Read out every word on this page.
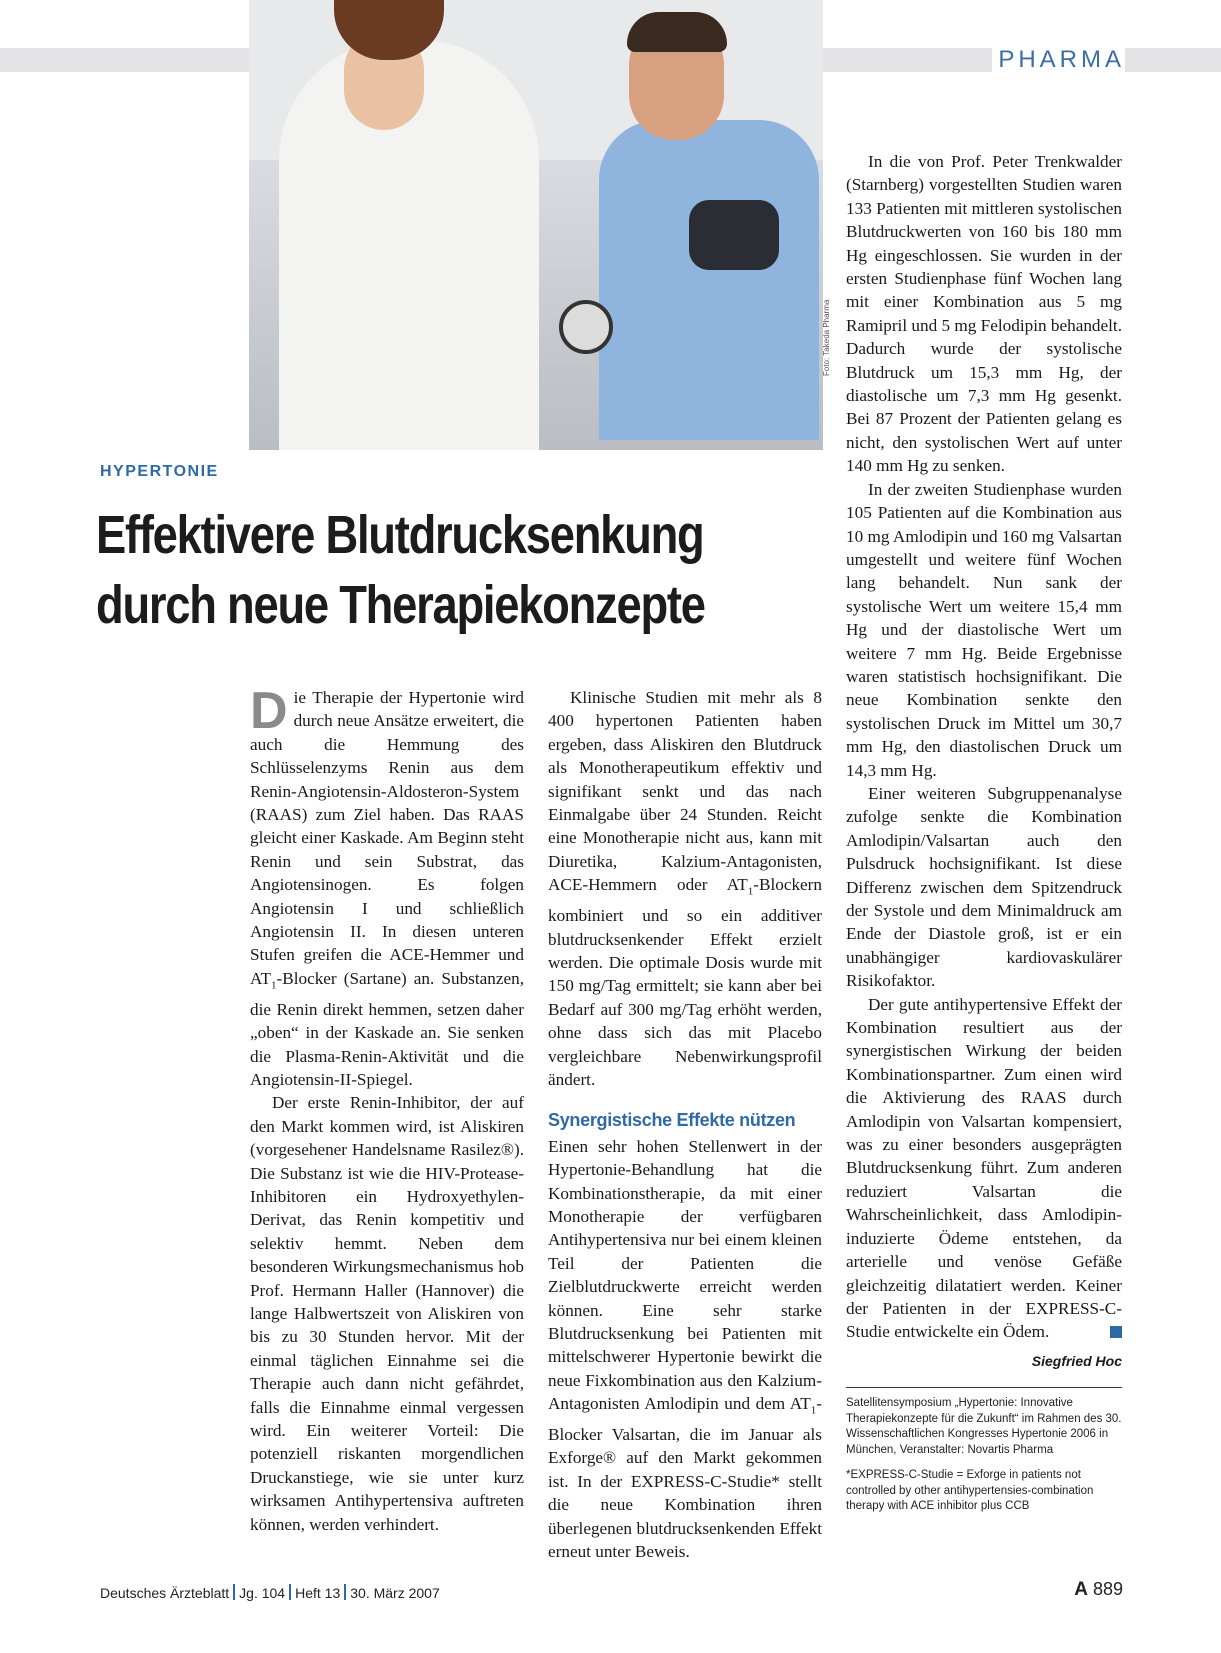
PHARMA
Foto: Takeda Pharma
HYPERTONIE
Effektivere Blutdrucksenkung durch neue Therapiekonzepte

Die Therapie der Hypertonie wird durch neue Ansätze erweitert, die auch die Hemmung des Schlüsselenzyms Renin aus dem Renin-Angiotensin-Aldosteron-System (RAAS) zum Ziel haben. Das RAAS gleicht einer Kaskade. Am Beginn steht Renin und sein Substrat, das Angiotensinogen. Es folgen Angiotensin I und schließlich Angiotensin II. In diesen unteren Stufen greifen die ACE-Hemmer und $AT_1$-Blocker (Sartane) an. Substanzen, die Renin direkt hemmen, setzen daher „oben“ in der Kaskade an. Sie senken die Plasma-Renin-Aktivität und die Angiotensin-II-Spiegel.

Der erste Renin-Inhibitor, der auf den Markt kommen wird, ist Aliskiren (vorgesehener Handelsname Rasilez®). Die Substanz ist wie die HIV-Protease-Inhibitoren ein Hydroxyethylen-Derivat, das Renin kompetitiv und selektiv hemmt. Neben dem besonderen Wirkungsmechanismus hob Prof. Hermann Haller (Hannover) die lange Halbwertszeit von Aliskiren von bis zu 30 Stunden hervor. Mit der einmal täglichen Einnahme sei die Therapie auch dann nicht gefährdet, falls die Einnahme einmal vergessen wird. Ein weiterer Vorteil: Die potenziell riskanten morgendlichen Druckanstiege, wie sie unter kurz wirksamen Antihypertensiva auftreten können, werden verhindert.

Klinische Studien mit mehr als 8 400 hypertonen Patienten haben ergeben, dass Aliskiren den Blutdruck als Monotherapeutikum effektiv und signifikant senkt und das nach Einmalgabe über 24 Stunden. Reicht eine Monotherapie nicht aus, kann mit Diuretika, Kalzium-Antagonisten, ACE-Hemmern oder $AT_1$-Blockern kombiniert und so ein additiver blutdrucksenkender Effekt erzielt werden. Die optimale Dosis wurde mit 150 mg/Tag ermittelt; sie kann aber bei Bedarf auf 300 mg/Tag erhöht werden, ohne dass sich das mit Placebo vergleichbare Nebenwirkungsprofil ändert.

Synergistische Effekte nützen

Einen sehr hohen Stellenwert in der Hypertonie-Behandlung hat die Kombinationstherapie, da mit einer Monotherapie der verfügbaren Antihypertensiva nur bei einem kleinen Teil der Patienten die Zielblutdruckwerte erreicht werden können. Eine sehr starke Blutdrucksenkung bei Patienten mit mittelschwerer Hypertonie bewirkt die neue Fixkombination aus den Kalzium-Antagonisten Amlodipin und dem $AT_1$-Blocker Valsartan, die im Januar als Exforge® auf den Markt gekommen ist. In der EXPRESS-C-Studie* stellt die neue Kombination ihren überlegenen blutdrucksenkenden Effekt erneut unter Beweis.

In die von Prof. Peter Trenkwalder (Starnberg) vorgestellten Studien waren 133 Patienten mit mittleren systolischen Blutdruckwerten von 160 bis 180 mm Hg eingeschlossen. Sie wurden in der ersten Studienphase fünf Wochen lang mit einer Kombination aus 5 mg Ramipril und 5 mg Felodipin behandelt. Dadurch wurde der systolische Blutdruck um 15,3 mm Hg, der diastolische um 7,3 mm Hg gesenkt. Bei 87 Prozent der Patienten gelang es nicht, den systolischen Wert auf unter 140 mm Hg zu senken.

In der zweiten Studienphase wurden 105 Patienten auf die Kombination aus 10 mg Amlodipin und 160 mg Valsartan umgestellt und weitere fünf Wochen lang behandelt. Nun sank der systolische Wert um weitere 15,4 mm Hg und der diastolische Wert um weitere 7 mm Hg. Beide Ergebnisse waren statistisch hochsignifikant. Die neue Kombination senkte den systolischen Druck im Mittel um 30,7 mm Hg, den diastolischen Druck um 14,3 mm Hg.

Einer weiteren Subgruppenanalyse zufolge senkte die Kombination Amlodipin/Valsartan auch den Pulsdruck hochsignifikant. Ist diese Differenz zwischen dem Spitzendruck der Systole und dem Minimaldruck am Ende der Diastole groß, ist er ein unabhängiger kardiovaskulärer Risikofaktor.

Der gute antihypertensive Effekt der Kombination resultiert aus der synergistischen Wirkung der beiden Kombinationspartner. Zum einen wird die Aktivierung des RAAS durch Amlodipin von Valsartan kompensiert, was zu einer besonders ausgeprägten Blutdrucksenkung führt. Zum anderen reduziert Valsartan die Wahrscheinlichkeit, dass Amlodipin-induzierte Ödeme entstehen, da arterielle und venöse Gefäße gleichzeitig dilatatiert werden. Keiner der Patienten in der EXPRESS-C-Studie entwickelte ein Ödem.

Siegfried Hoc
Satellitensymposium „Hypertonie: Innovative Therapiekonzepte für die Zukunft“ im Rahmen des 30. Wissenschaftlichen Kongresses Hypertonie 2006 in München, Veranstalter: Novartis Pharma
*EXPRESS-C-Studie = Exforge in patients not controlled by other antihypertensies-combination therapy with ACE inhibitor plus CCB
Deutsches Ärzteblatt Jg. 104 Heft 13 30. März 2007	A 889
